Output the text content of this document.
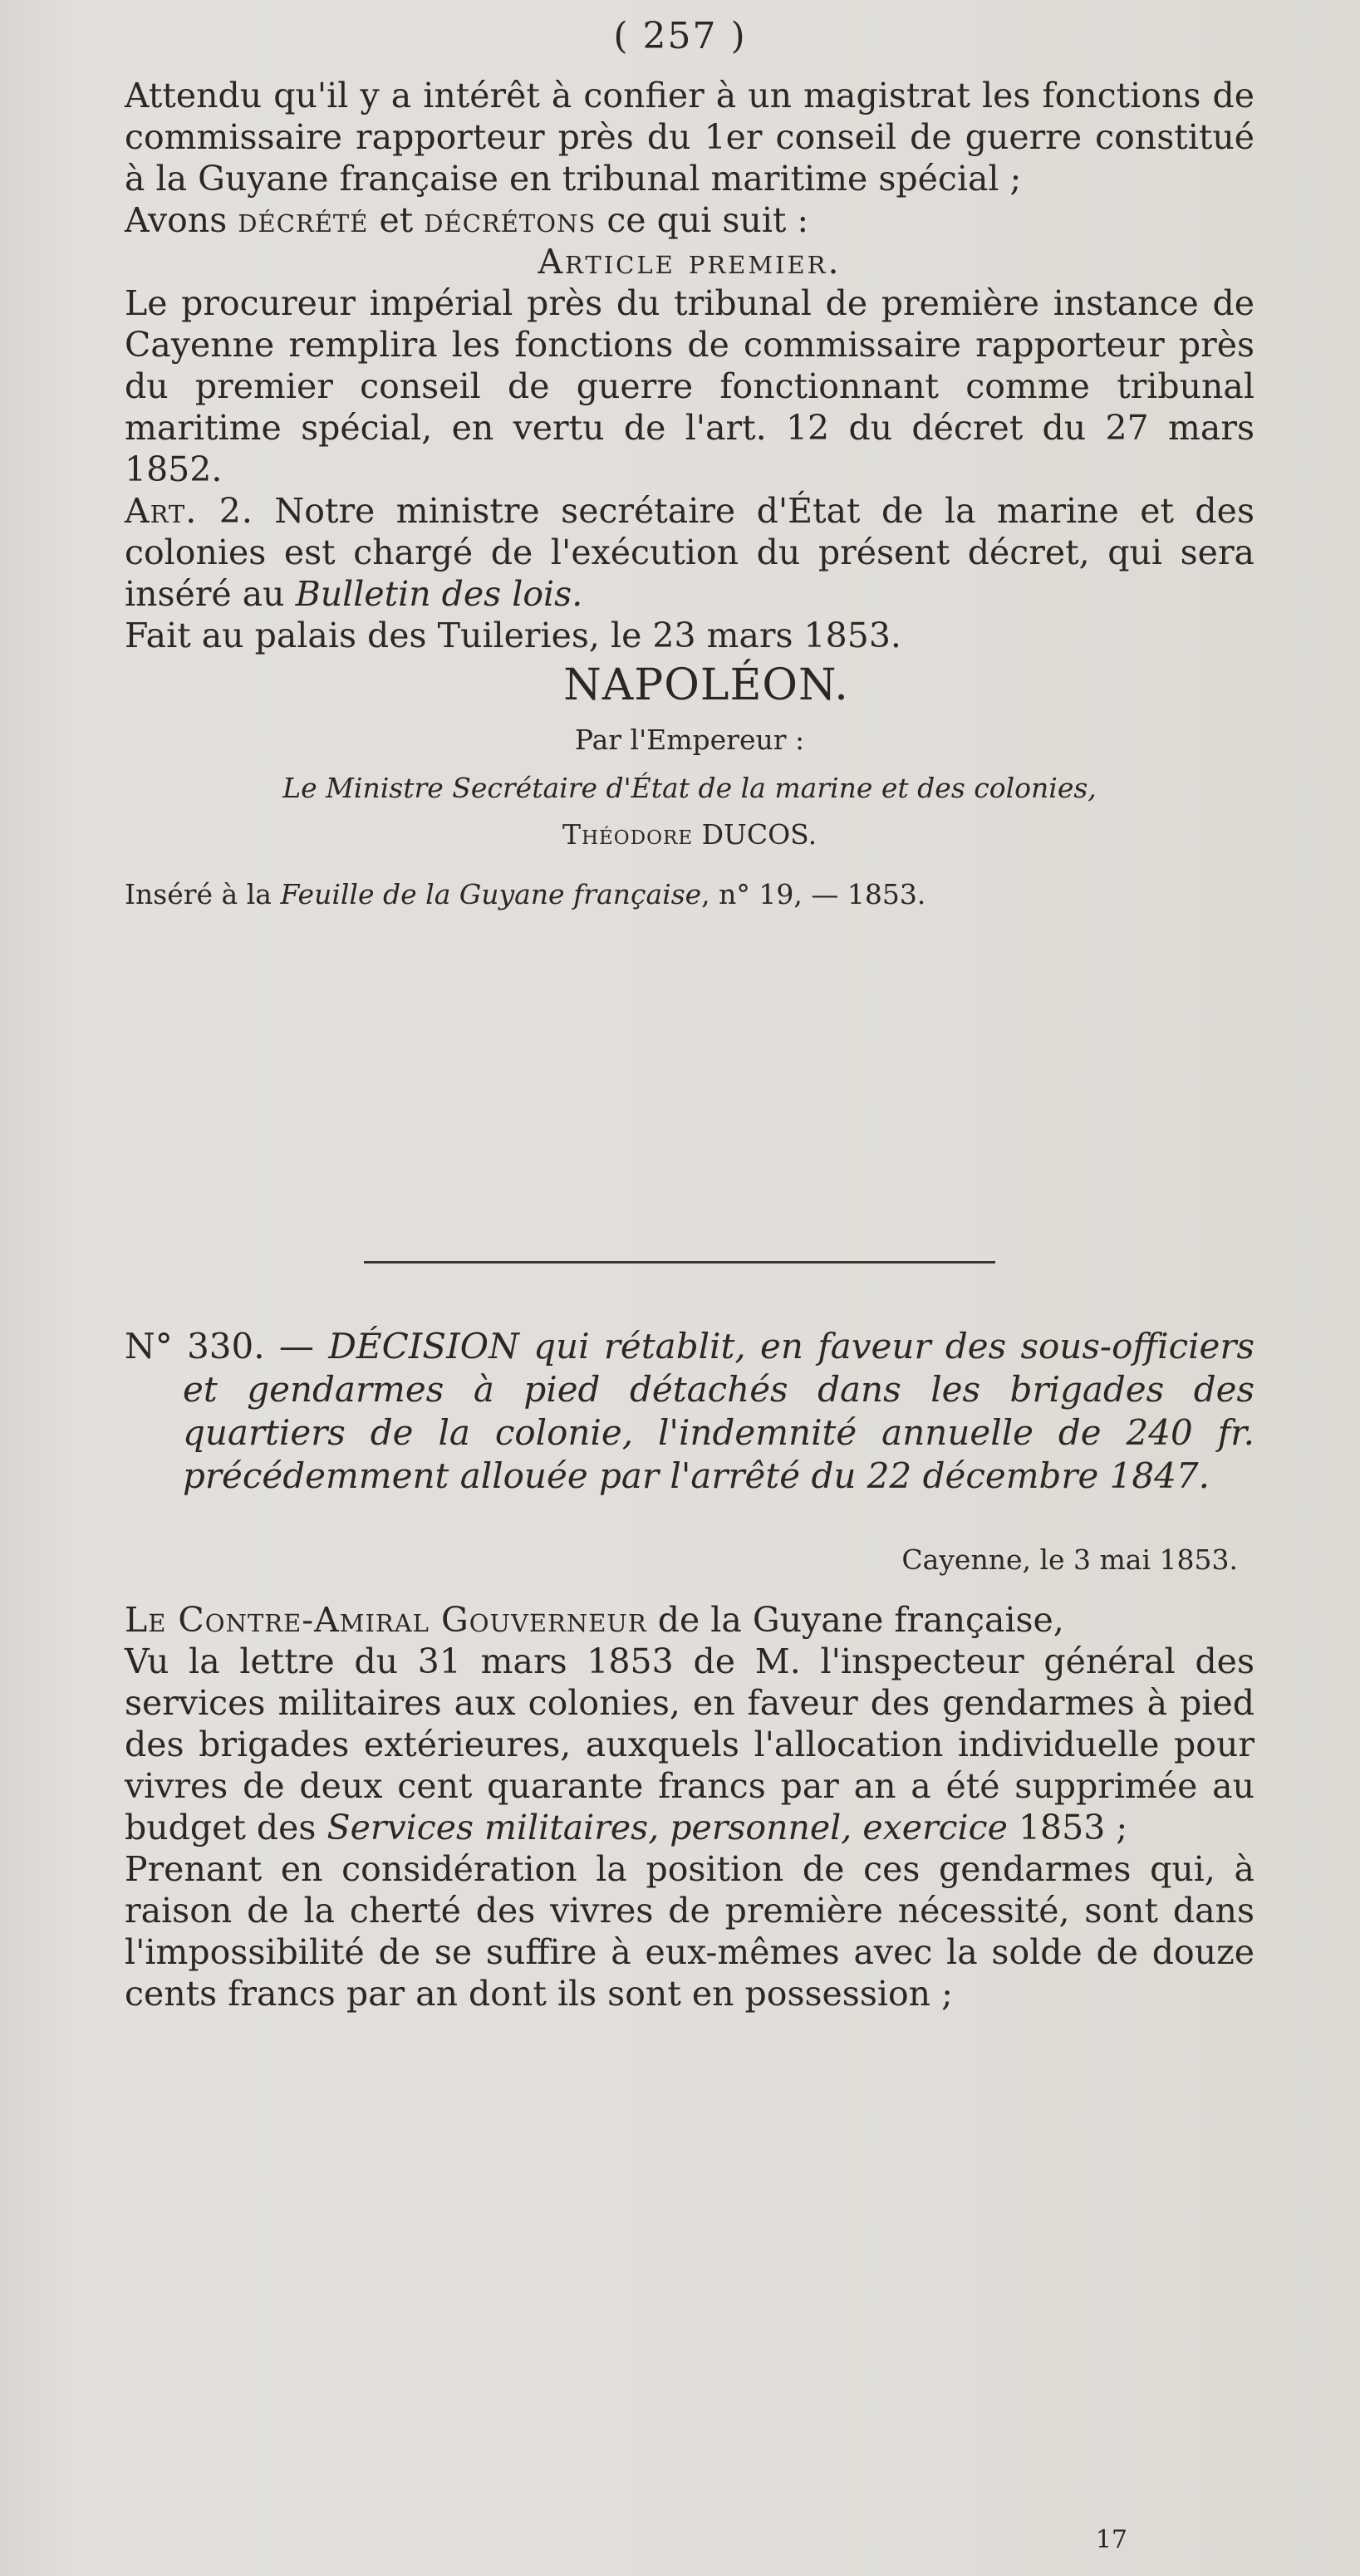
( 257 )

Attendu qu'il y a intérêt à confier à un magistrat les fonctions de commissaire rapporteur près du 1er conseil de guerre constitué à la Guyane française en tribunal maritime spécial ;

Avons décrété et décrétons ce qui suit :

Article premier.

Le procureur impérial près du tribunal de première instance de Cayenne remplira les fonctions de commissaire rapporteur près du premier conseil de guerre fonctionnant comme tribunal maritime spécial, en vertu de l'art. 12 du décret du 27 mars 1852.

Art. 2. Notre ministre secrétaire d'État de la marine et des colonies est chargé de l'exécution du présent décret, qui sera inséré au Bulletin des lois.

Fait au palais des Tuileries, le 23 mars 1853.

NAPOLÉON.

Par l'Empereur :

Le Ministre Secrétaire d'État de la marine et des colonies,

Théodore DUCOS.

Inséré à la Feuille de la Guyane française, n° 19, — 1853.

N° 330. — DÉCISION qui rétablit, en faveur des sous-officiers et gendarmes à pied détachés dans les brigades des quartiers de la colonie, l'indemnité annuelle de 240 fr. précédemment allouée par l'arrêté du 22 décembre 1847.

Cayenne, le 3 mai 1853.

Le Contre-Amiral Gouverneur de la Guyane française,

Vu la lettre du 31 mars 1853 de M. l'inspecteur général des services militaires aux colonies, en faveur des gendarmes à pied des brigades extérieures, auxquels l'allocation individuelle pour vivres de deux cent quarante francs par an a été supprimée au budget des Services militaires, personnel, exercice 1853 ;

Prenant en considération la position de ces gendarmes qui, à raison de la cherté des vivres de première nécessité, sont dans l'impossibilité de se suffire à eux-mêmes avec la solde de douze cents francs par an dont ils sont en possession ;

17
